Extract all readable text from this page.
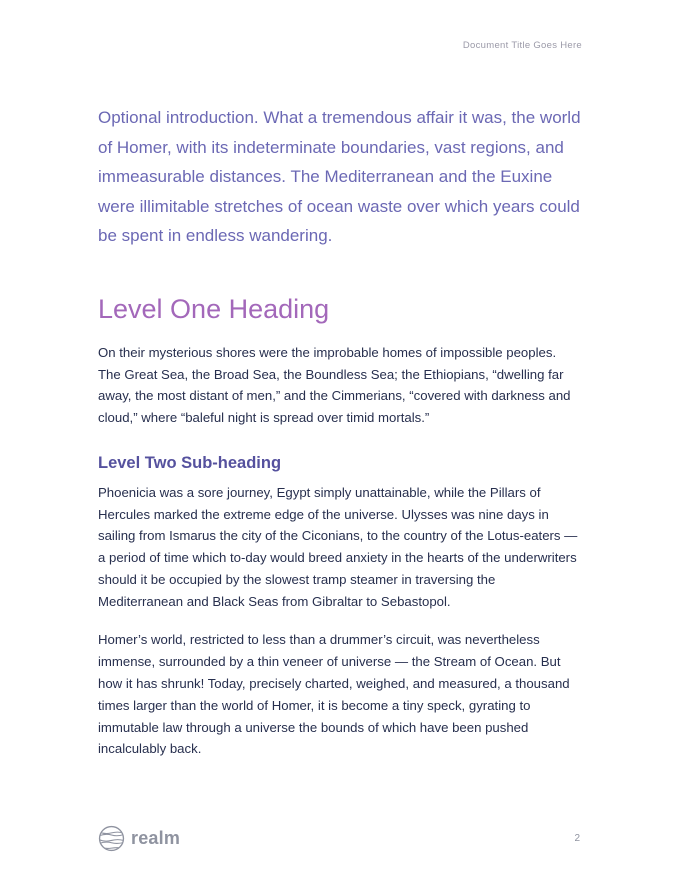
Document Title Goes Here

Optional introduction. What a tremendous affair it was, the world of Homer, with its indeterminate boundaries, vast regions, and immeasurable distances. The Mediterranean and the Euxine were illimitable stretches of ocean waste over which years could be spent in endless wandering.

Level One Heading

On their mysterious shores were the improbable homes of impossible peoples. The Great Sea, the Broad Sea, the Boundless Sea; the Ethiopians, “dwelling far away, the most distant of men,” and the Cimmerians, “covered with darkness and cloud,” where “baleful night is spread over timid mortals.”

Level Two Sub-heading

Phoenicia was a sore journey, Egypt simply unattainable, while the Pillars of Hercules marked the extreme edge of the universe. Ulysses was nine days in sailing from Ismarus the city of the Ciconians, to the country of the Lotus-eaters — a period of time which to-day would breed anxiety in the hearts of the underwriters should it be occupied by the slowest tramp steamer in traversing the Mediterranean and Black Seas from Gibraltar to Sebastopol.

Homer’s world, restricted to less than a drummer’s circuit, was nevertheless immense, surrounded by a thin veneer of universe — the Stream of Ocean. But how it has shrunk! Today, precisely charted, weighed, and measured, a thousand times larger than the world of Homer, it is become a tiny speck, gyrating to immutable law through a universe the bounds of which have been pushed incalculably back.

realm	2
